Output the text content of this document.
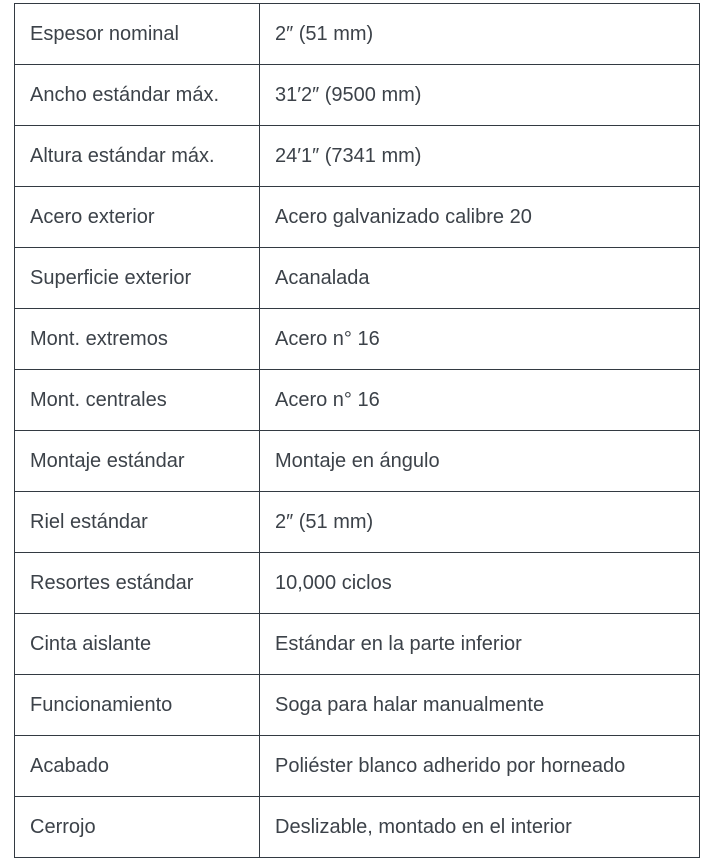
Espesor nominal	2″ (51 mm)
Ancho estándar máx.	31′2″ (9500 mm)
Altura estándar máx.	24′1″ (7341 mm)
Acero exterior	Acero galvanizado calibre 20
Superficie exterior	Acanalada
Mont. extremos	Acero n° 16
Mont. centrales	Acero n° 16
Montaje estándar	Montaje en ángulo
Riel estándar	2″ (51 mm)
Resortes estándar	10,000 ciclos
Cinta aislante	Estándar en la parte inferior
Funcionamiento	Soga para halar manualmente
Acabado	Poliéster blanco adherido por horneado
Cerrojo	Deslizable, montado en el interior
